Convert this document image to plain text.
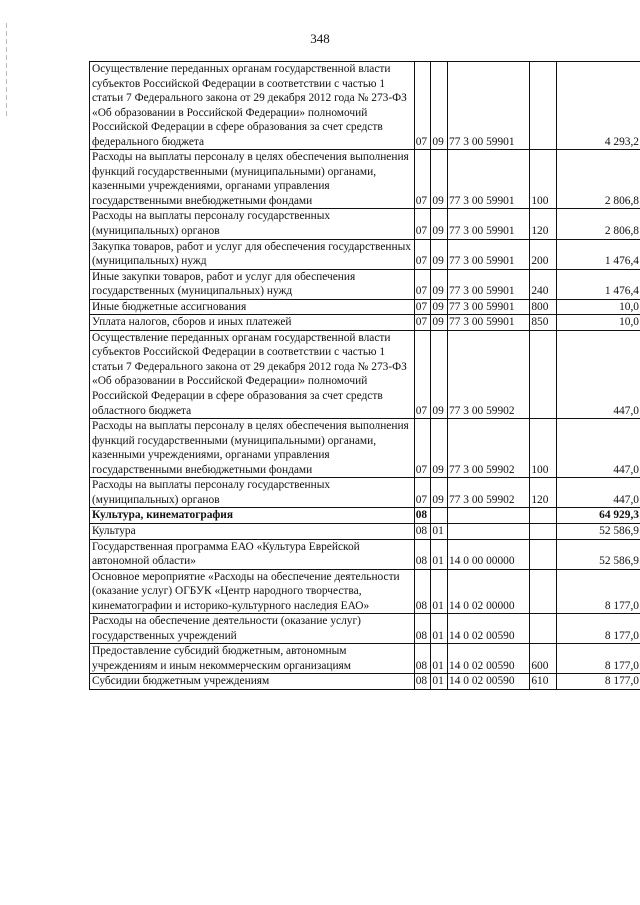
348
Осуществление переданных органам государственной власти субъектов Российской Федерации в соответствии с частью 1 статьи 7 Федерального закона от 29 декабря 2012 года № 273-ФЗ «Об образовании в Российской Федерации» полномочий Российской Федерации в сфере образования за счет средств федерального бюджета	07	09	77 3 00 59901		4 293,2
Расходы на выплаты персоналу в целях обеспечения выполнения функций государственными (муниципальными) органами, казенными учреждениями, органами управления государственными внебюджетными фондами	07	09	77 3 00 59901	100	2 806,8
Расходы на выплаты персоналу государственных (муниципальных) органов	07	09	77 3 00 59901	120	2 806,8
Закупка товаров, работ и услуг для обеспечения государственных (муниципальных) нужд	07	09	77 3 00 59901	200	1 476,4
Иные закупки товаров, работ и услуг для обеспечения государственных (муниципальных) нужд	07	09	77 3 00 59901	240	1 476,4
Иные бюджетные ассигнования	07	09	77 3 00 59901	800	10,0
Уплата налогов, сборов и иных платежей	07	09	77 3 00 59901	850	10,0
Осуществление переданных органам государственной власти субъектов Российской Федерации в соответствии с частью 1 статьи 7 Федерального закона от 29 декабря 2012 года № 273-ФЗ «Об образовании в Российской Федерации» полномочий Российской Федерации в сфере образования за счет средств областного бюджета	07	09	77 3 00 59902		447,0
Расходы на выплаты персоналу в целях обеспечения выполнения функций государственными (муниципальными) органами, казенными учреждениями, органами управления государственными внебюджетными фондами	07	09	77 3 00 59902	100	447,0
Расходы на выплаты персоналу государственных (муниципальных) органов	07	09	77 3 00 59902	120	447,0
Культура, кинематография	08				64 929,3
Культура	08	01			52 586,9
Государственная программа ЕАО «Культура Еврейской автономной области»	08	01	14 0 00 00000		52 586,9
Основное мероприятие «Расходы на обеспечение деятельности (оказание услуг) ОГБУК «Центр народного творчества, кинематографии и историко-культурного наследия ЕАО»	08	01	14 0 02 00000		8 177,0
Расходы на обеспечение деятельности (оказание услуг) государственных учреждений	08	01	14 0 02 00590		8 177,0
Предоставление субсидий бюджетным, автономным учреждениям и иным некоммерческим организациям	08	01	14 0 02 00590	600	8 177,0
Субсидии бюджетным учреждениям	08	01	14 0 02 00590	610	8 177,0
